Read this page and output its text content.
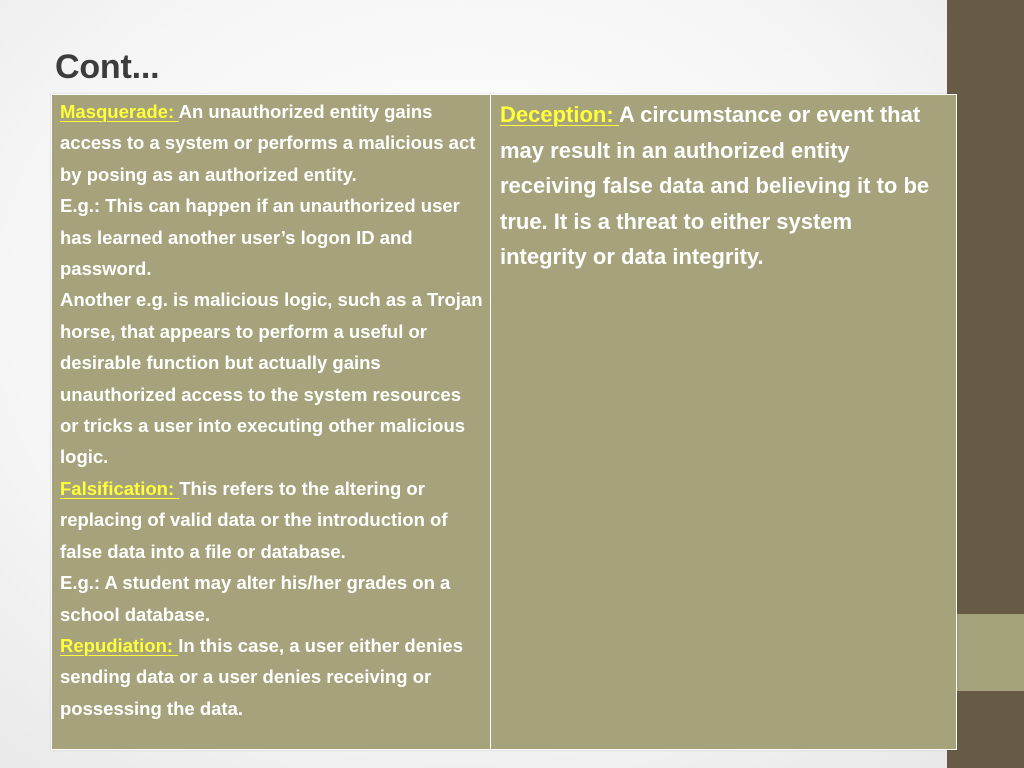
Cont...

Masquerade: An unauthorized entity gains access to a system or performs a malicious act by posing as an authorized entity.

E.g.: This can happen if an unauthorized user has learned another user’s logon ID and password.

Another e.g. is malicious logic, such as a Trojan horse, that appears to perform a useful or desirable function but actually gains unauthorized access to the system resources or tricks a user into executing other malicious logic.

Falsification: This refers to the altering or replacing of valid data or the introduction of false data into a file or database.

E.g.: A student may alter his/her grades on a school database.

Repudiation: In this case, a user either denies sending data or a user denies receiving or possessing the data.

Deception: A circumstance or event that may result in an authorized entity receiving false data and believing it to be true. It is a threat to either system integrity or data integrity.
